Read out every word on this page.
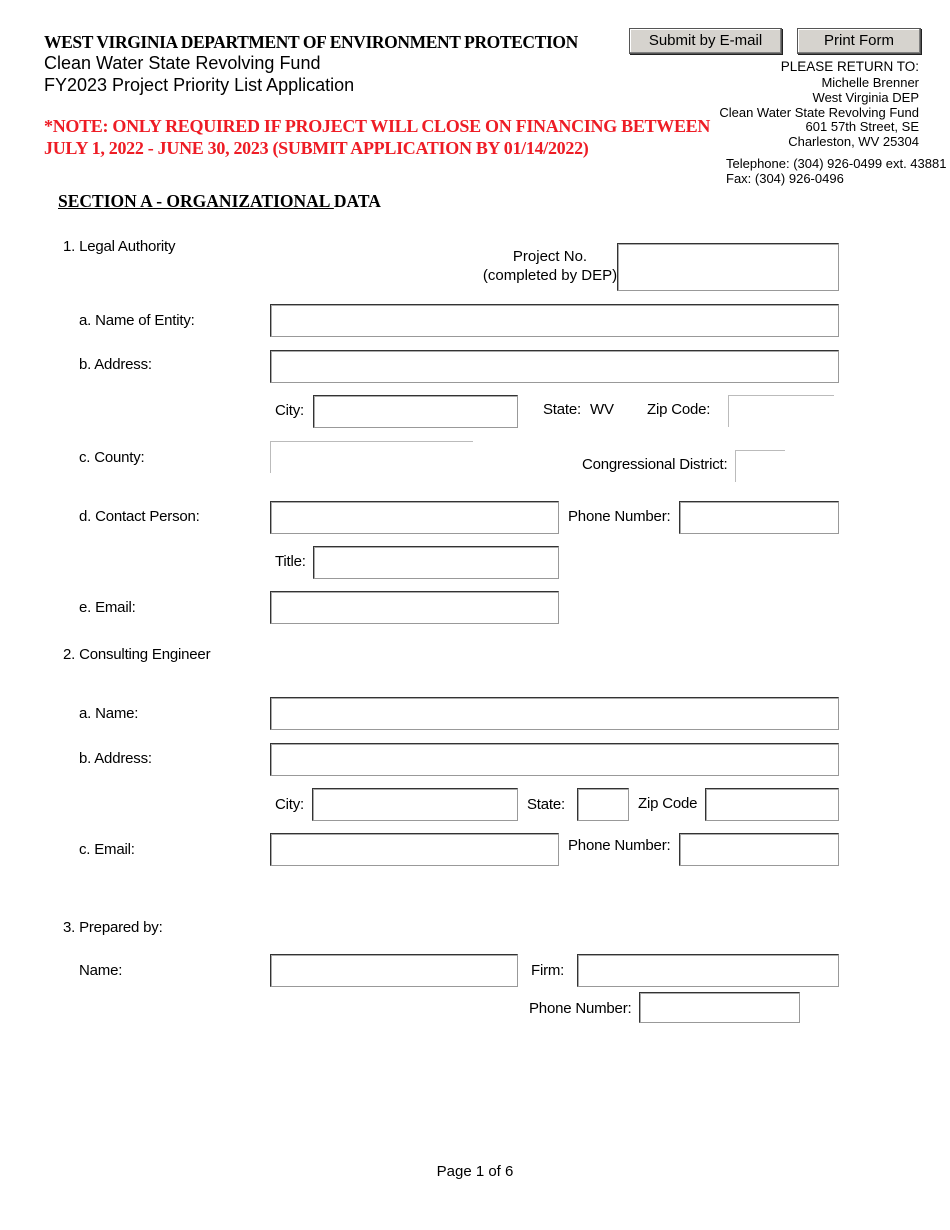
WEST VIRGINIA DEPARTMENT OF ENVIRONMENT PROTECTION
Clean Water State Revolving Fund
FY2023 Project Priority List Application
*NOTE: ONLY REQUIRED IF PROJECT WILL CLOSE ON FINANCING BETWEEN
JULY 1, 2022 - JUNE 30, 2023 (SUBMIT APPLICATION BY 01/14/2022)
Submit by E-mail	Print Form
PLEASE RETURN TO:
Michelle Brenner
West Virginia DEP
Clean Water State Revolving Fund
601 57th Street, SE
Charleston, WV 25304
Telephone: (304) 926-0499 ext. 43881
Fax: (304) 926-0496
SECTION A - ORGANIZATIONAL DATA
1. Legal Authority
Project No.
(completed by DEP)
a. Name of Entity:
b. Address:
City:	State: WV Zip Code:
c. County:	Congressional District:
d. Contact Person:	Phone Number:
Title:
e. Email:
2. Consulting Engineer
a. Name:
b. Address:
City:	State:	Zip Code
c. Email:	Phone Number:
3. Prepared by:
Name:	Firm:
Phone Number:
Page 1 of 6
